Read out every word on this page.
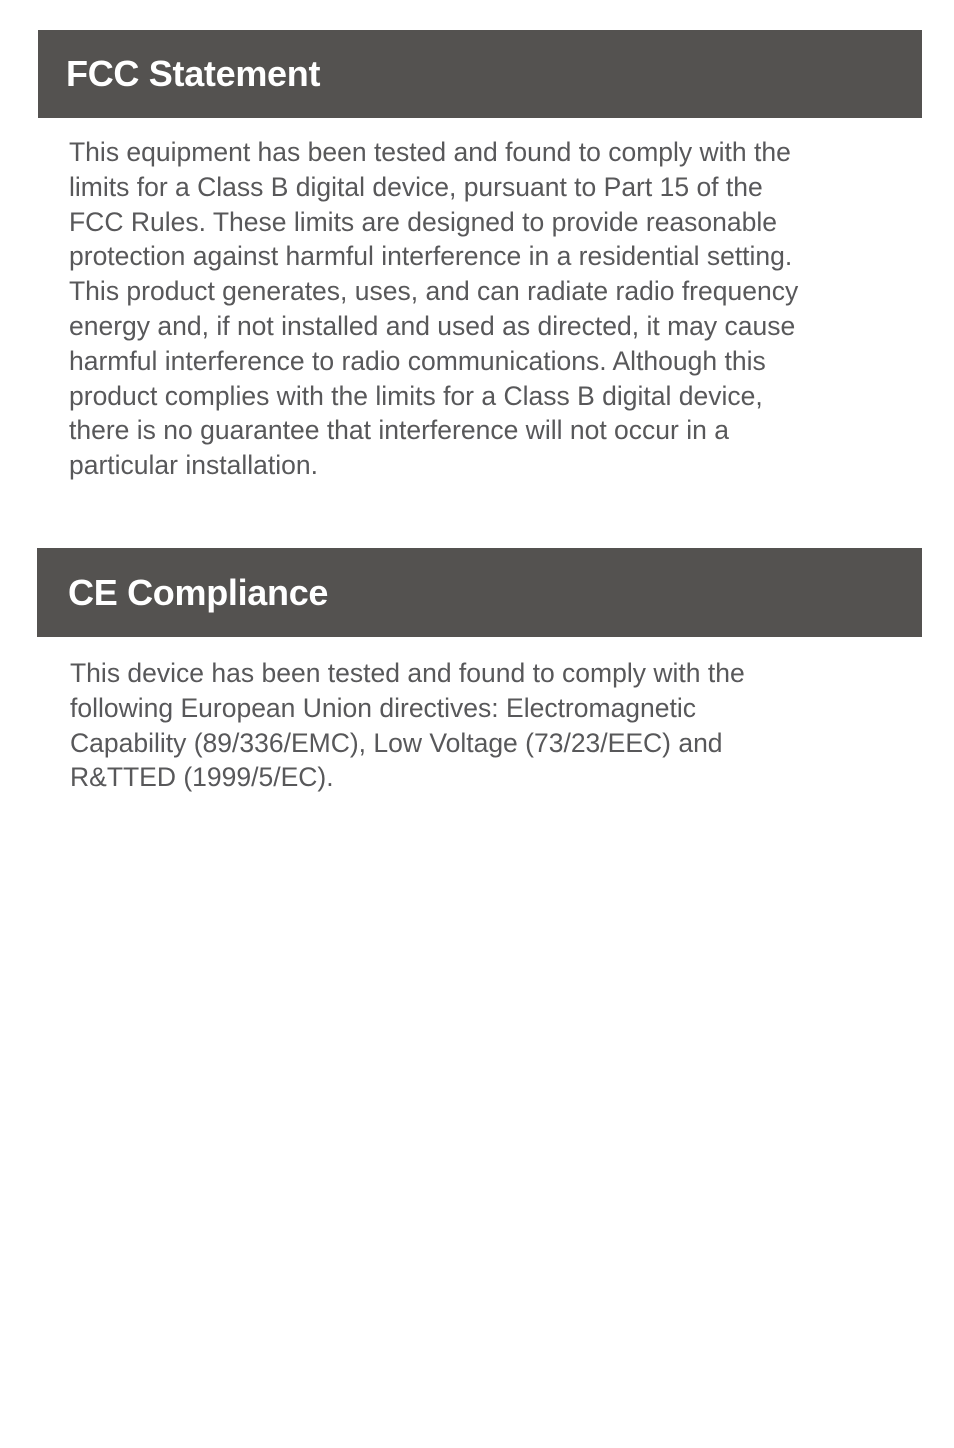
FCC Statement

This equipment has been tested and found to comply with the
limits for a Class B digital device, pursuant to Part 15 of the
FCC Rules. These limits are designed to provide reasonable
protection against harmful interference in a residential setting.
This product generates, uses, and can radiate radio frequency
energy and, if not installed and used as directed, it may cause
harmful interference to radio communications. Although this
product complies with the limits for a Class B digital device,
there is no guarantee that interference will not occur in a
particular installation.

CE Compliance

This device has been tested and found to comply with the
following European Union directives: Electromagnetic
Capability (89/336/EMC), Low Voltage (73/23/EEC) and
R&TTED (1999/5/EC).
